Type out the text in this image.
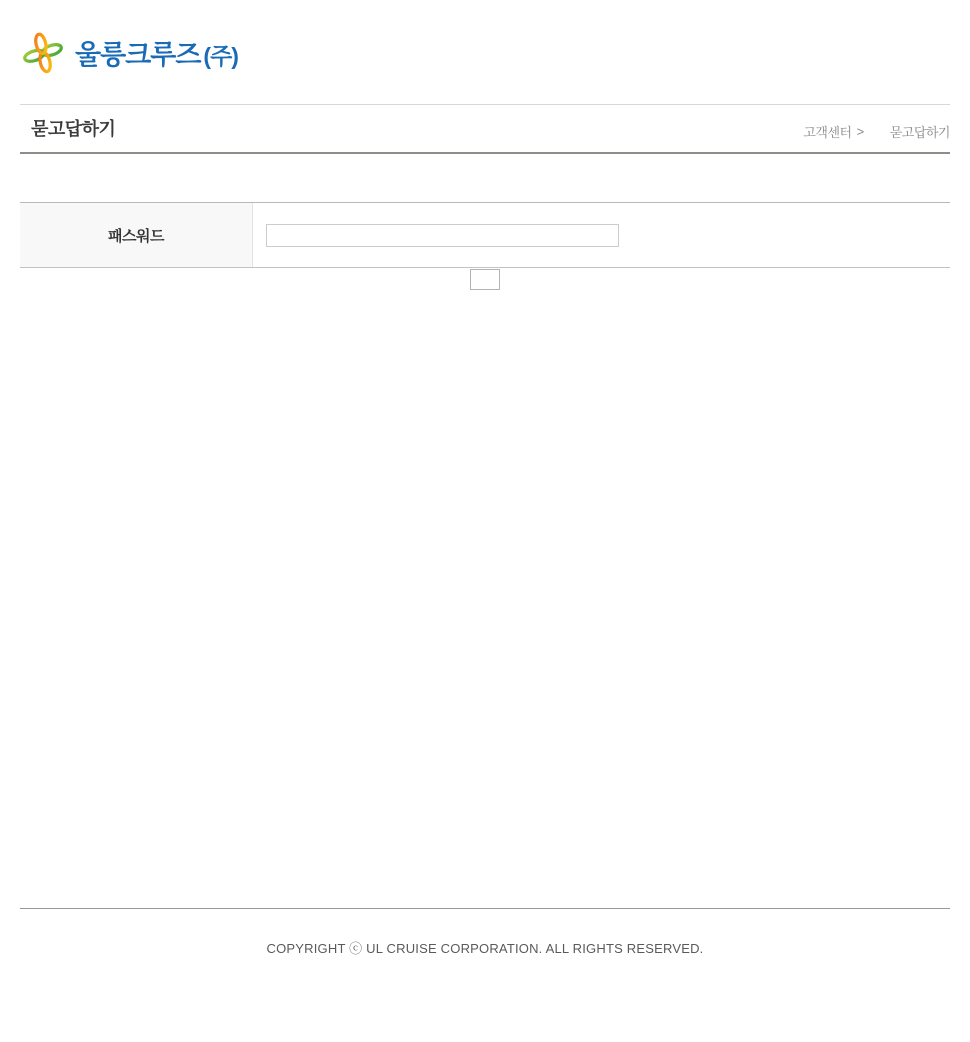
울릉크루즈 (주)
묻고답하기	고객센터 > 묻고답하기
패스워드
COPYRIGHT ⓒ UL CRUISE CORPORATION. ALL RIGHTS RESERVED.
